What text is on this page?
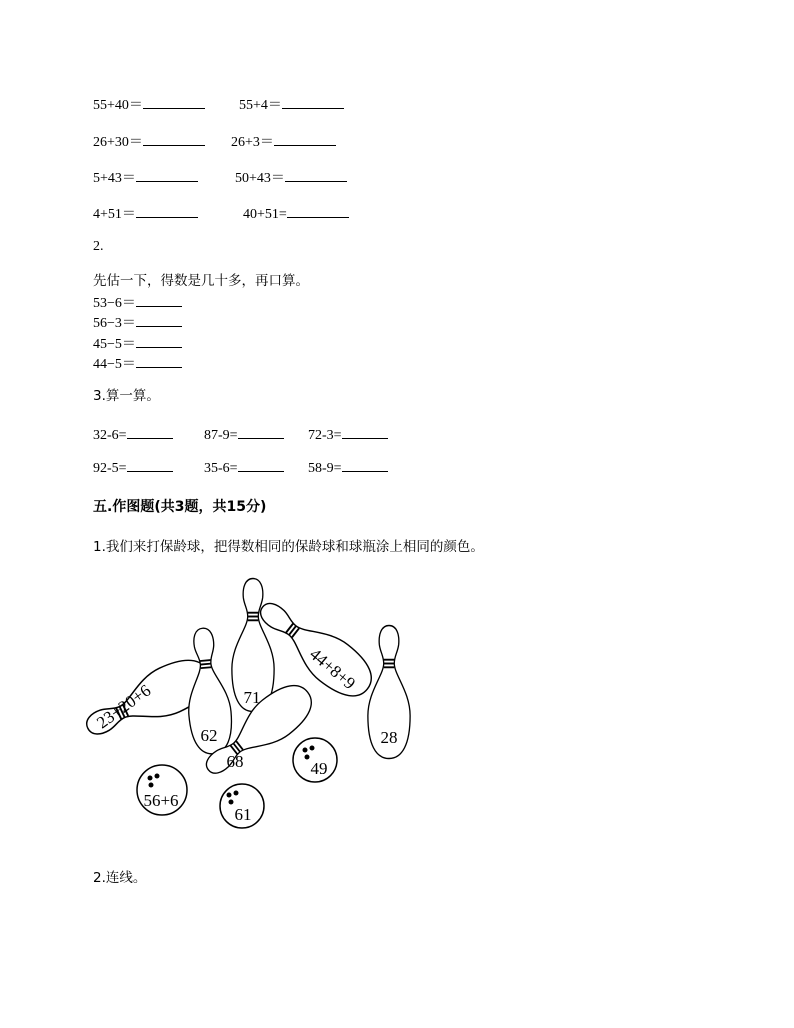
55+40＝	55+4＝
26+30＝	26+3＝
5+43＝	50+43＝
4+51＝	40+51=
2.
先估一下，得数是几十多，再口算。
53−6＝
56−3＝
45−5＝
44−5＝
3.算一算。
32-6=	87-9=	72-3=
92-5=	35-6=	58-9=
五.作图题(共3题，共15分)
1.我们来打保龄球，把得数相同的保龄球和球瓶涂上相同的颜色。
23+20+6
62
71
44+8+9
28
68
56+6
61
49
2.连线。
